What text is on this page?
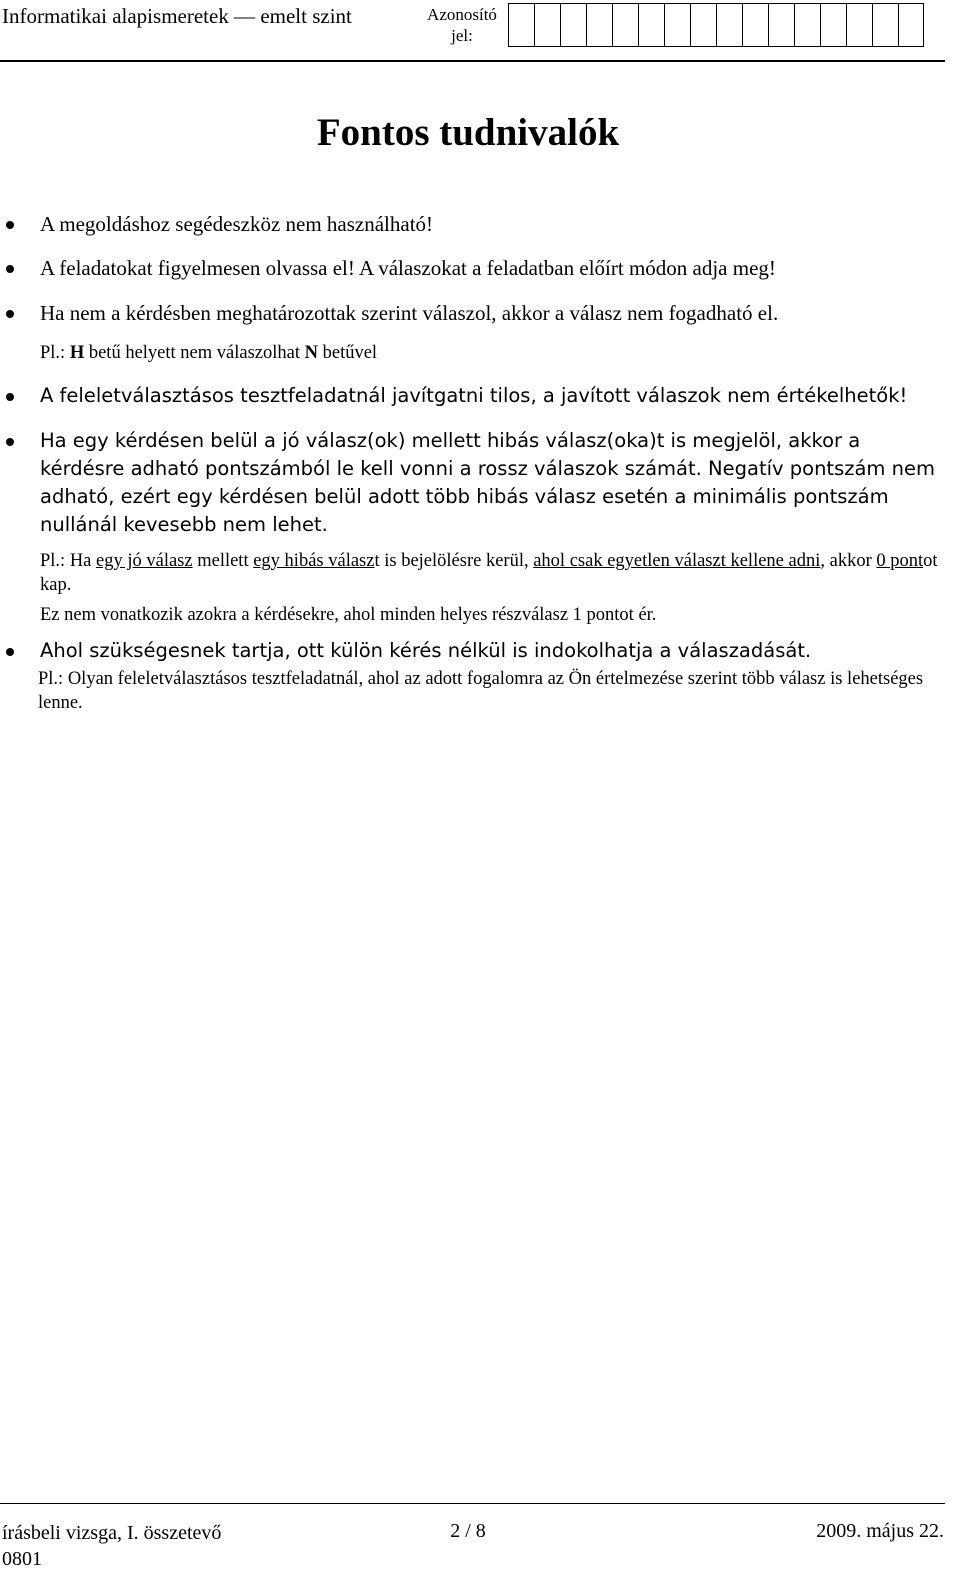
Informatikai alapismeretek — emelt szint	Azonosító
jel:
Fontos tudnivalók
A megoldáshoz segédeszköz nem használható!
A feladatokat figyelmesen olvassa el! A válaszokat a feladatban előírt módon adja meg!
Ha nem a kérdésben meghatározottak szerint válaszol, akkor a válasz nem fogadható el.
Pl.: H betű helyett nem válaszolhat N betűvel
A feleletválasztásos tesztfeladatnál javítgatni tilos, a javított válaszok nem értékelhetők!
Ha egy kérdésen belül a jó válasz(ok) mellett hibás válasz(oka)t is megjelöl, akkor a kérdésre adható pontszámból le kell vonni a rossz válaszok számát. Negatív pontszám nem adható, ezért egy kérdésen belül adott több hibás válasz esetén a minimális pontszám nullánál kevesebb nem lehet.
Pl.: Ha egy jó válasz mellett egy hibás választ is bejelölésre kerül, ahol csak egyetlen választ kellene adni, akkor 0 pontot kap.
Ez nem vonatkozik azokra a kérdésekre, ahol minden helyes részválasz 1 pontot ér.
Ahol szükségesnek tartja, ott külön kérés nélkül is indokolhatja a válaszadását.
Pl.: Olyan feleletválasztásos tesztfeladatnál, ahol az adott fogalomra az Ön értelmezése szerint több válasz is lehetséges lenne.
írásbeli vizsga, I. összetevő
0801
2 / 8	2009. május 22.
